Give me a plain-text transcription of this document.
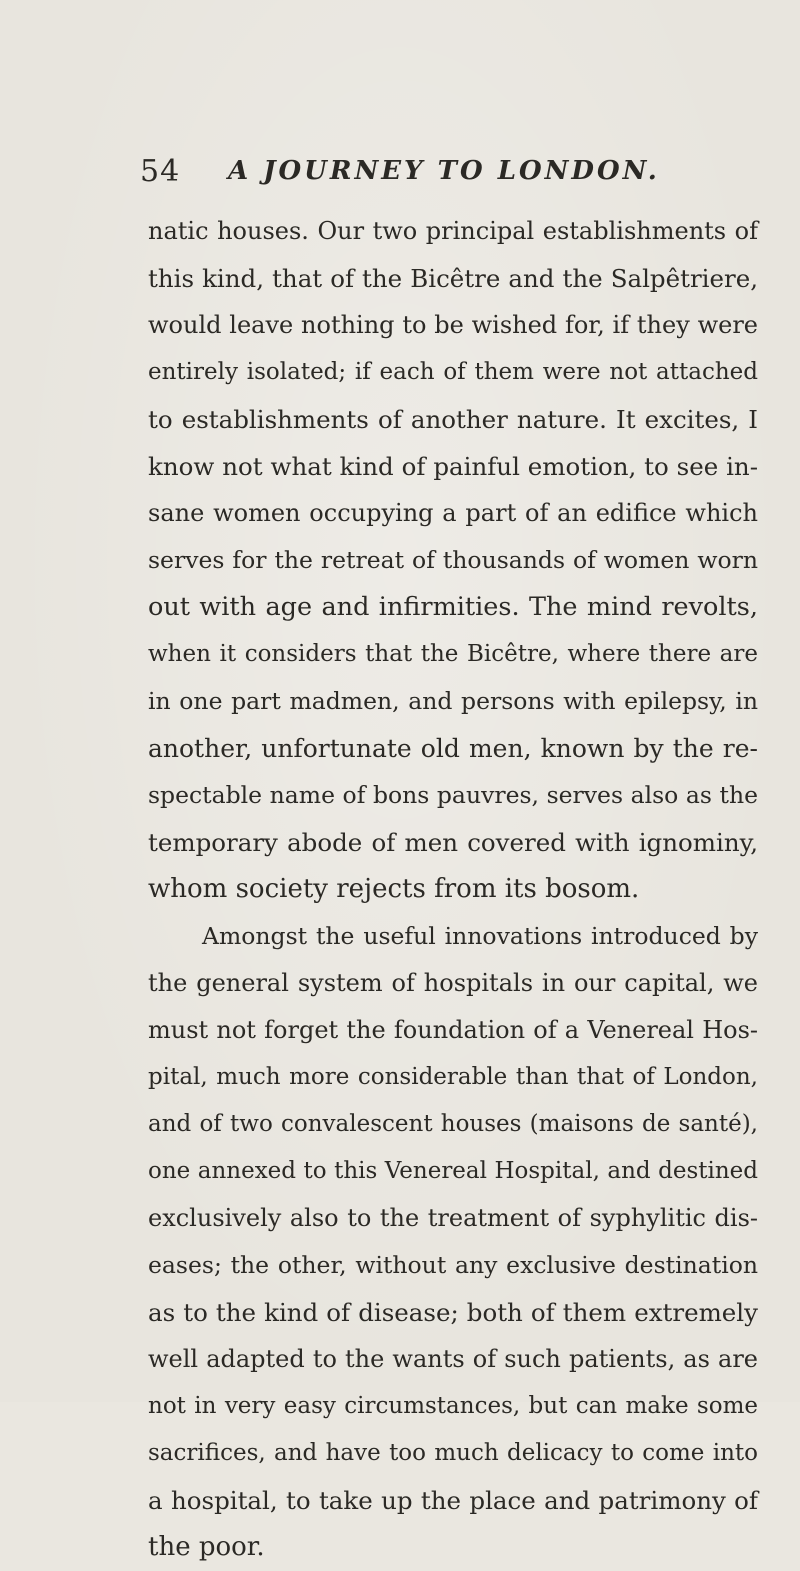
54 A JOURNEY TO LONDON.
natic houses. Our two principal establishments of
this kind, that of the Bicêtre and the Salpêtriere,
would leave nothing to be wished for, if they were
entirely isolated; if each of them were not attached
to establishments of another nature. It excites, I
know not what kind of painful emotion, to see in-
sane women occupying a part of an edifice which
serves for the retreat of thousands of women worn
out with age and infirmities. The mind revolts,
when it considers that the Bicêtre, where there are
in one part madmen, and persons with epilepsy, in
another, unfortunate old men, known by the re-
spectable name of bons pauvres, serves also as the
temporary abode of men covered with ignominy,
whom society rejects from its bosom.
Amongst the useful innovations introduced by
the general system of hospitals in our capital, we
must not forget the foundation of a Venereal Hos-
pital, much more considerable than that of London,
and of two convalescent houses (maisons de santé),
one annexed to this Venereal Hospital, and destined
exclusively also to the treatment of syphylitic dis-
eases; the other, without any exclusive destination
as to the kind of disease; both of them extremely
well adapted to the wants of such patients, as are
not in very easy circumstances, but can make some
sacrifices, and have too much delicacy to come into
a hospital, to take up the place and patrimony of
the poor.
